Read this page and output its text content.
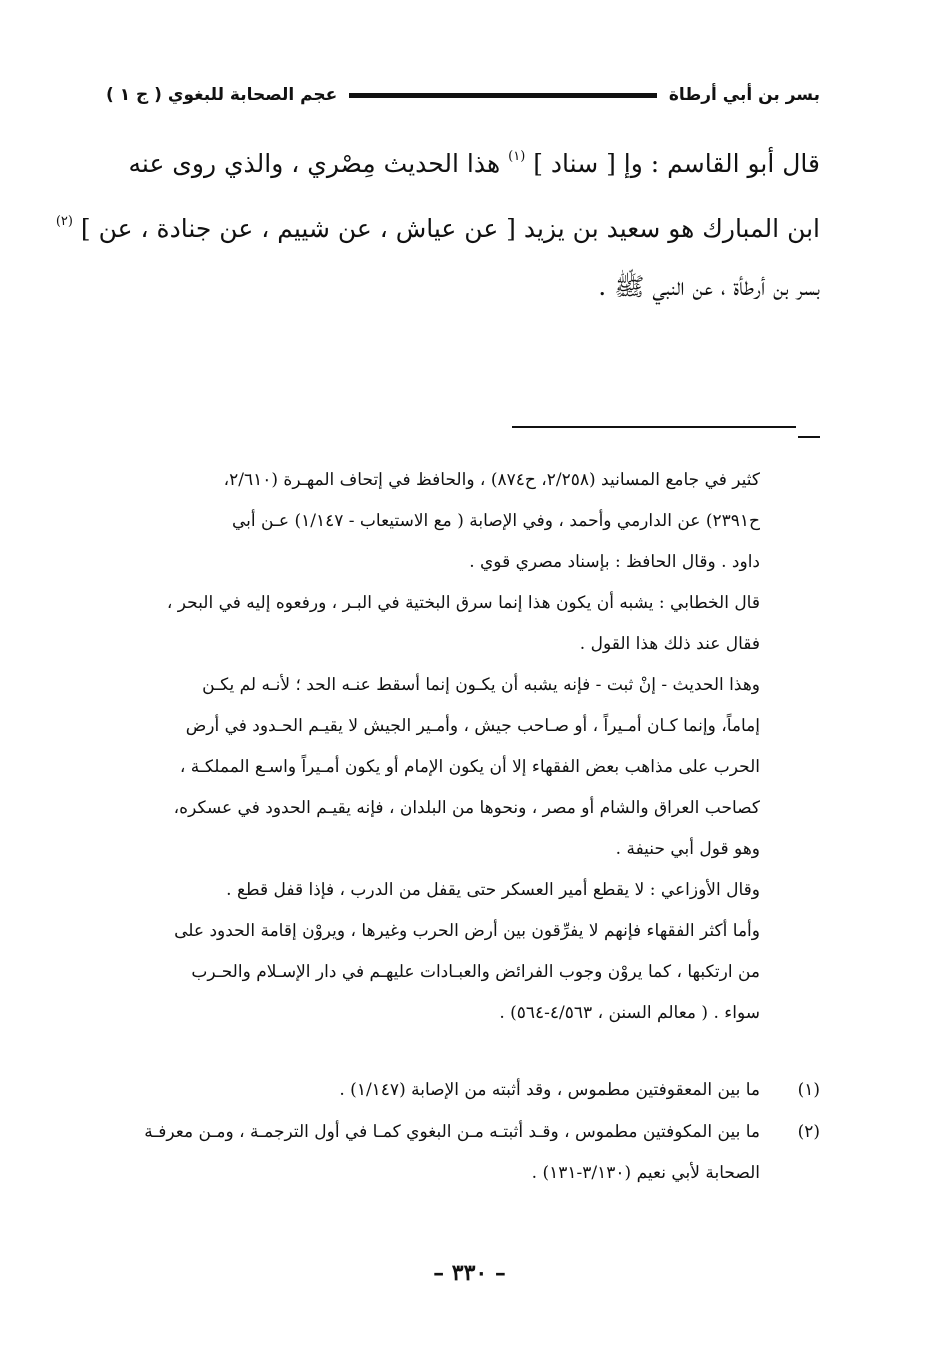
بسر بن أبي أرطاة
عجم الصحابة للبغوي ( ج ١ )

قال أبو القاسم : وإ [ سناد ] $^{(١)}$ هذا الحديث مِصْري ، والذي روى عنه

ابن المبارك هو سعيد بن يزيد [ عن عياش ، عن شييم ، عن جنادة ، عن ] $^{(٢)}$

بسر بن أرطأة ، عن النبي ﷺ .

كثير في جامع المسانيد (٢/٢٥٨، ح٨٧٤) ، والحافظ في إتحاف المهـرة (٢/٦١٠،

ح٢٣٩١) عن الدارمي وأحمد ، وفي الإصابة ( مع الاستيعاب - ١/١٤٧) عـن أبي

داود . وقال الحافظ : بإسناد مصري قوي .

قال الخطابي : يشبه أن يكون هذا إنما سرق البختية في البـر ، ورفعوه إليه في البحر ،

فقال عند ذلك هذا القول .

وهذا الحديث - إنْ ثبت - فإنه يشبه أن يكـون إنما أسقط عنـه الحد ؛ لأنـه لم يكـن

إماماً، وإنما كـان أمـيراً ، أو صـاحب جيش ، وأمـير الجيش لا يقيـم الحـدود في أرض

الحرب على مذاهب بعض الفقهاء إلا أن يكون الإمام أو يكون أمـيراً واسـع المملكـة ،

كصاحب العراق والشام أو مصر ، ونحوها من البلدان ، فإنه يقيـم الحدود في عسكره،

وهو قول أبي حنيفة .

وقال الأوزاعي : لا يقطع أمير العسكر حتى يقفل من الدرب ، فإذا قفل قطع .

وأما أكثر الفقهاء فإنهم لا يفرِّقون بين أرض الحرب وغيرها ، ويروْن إقامة الحدود على

من ارتكبها ، كما يروْن وجوب الفرائض والعبـادات عليهـم في دار الإسـلام والحـرب

سواء . ( معالم السنن ، ٤/٥٦٣-٥٦٤) .

(١)
ما بين المعقوفتين مطموس ، وقد أثبته من الإصابة (١/١٤٧) .
(٢)
ما بين المكوفتين مطموس ، وقـد أثبتـه مـن البغوي كمـا في أول الترجمـة ، ومـن معرفـة
الصحابة لأبي نعيم (٣/١٣٠-١٣١) .
– ٣٣٠ –
